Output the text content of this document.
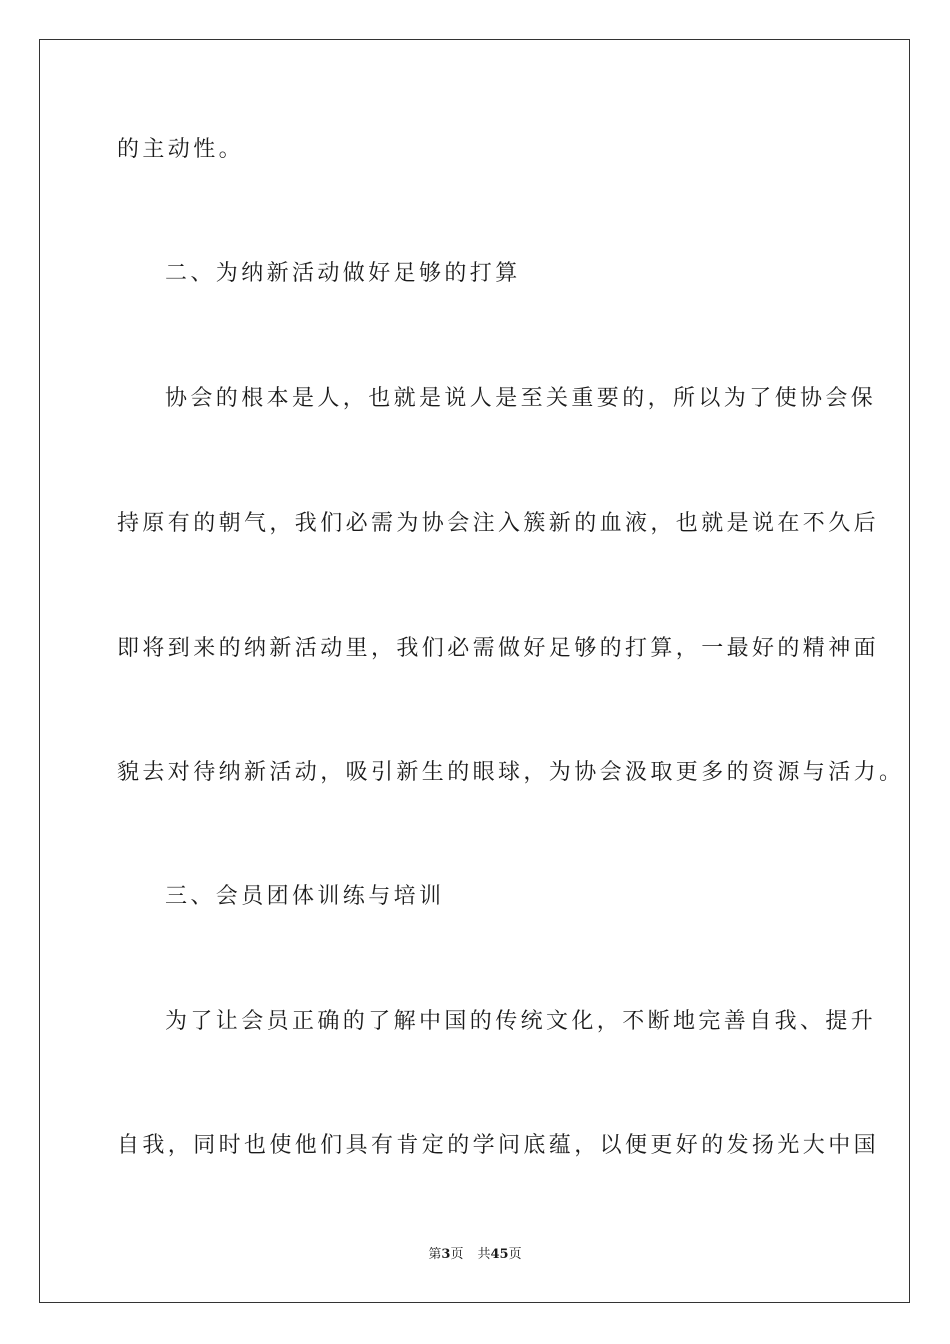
的主动性。
二、为纳新活动做好足够的打算
协会的根本是人，也就是说人是至关重要的，所以为了使协会保
持原有的朝气，我们必需为协会注入簇新的血液，也就是说在不久后
即将到来的纳新活动里，我们必需做好足够的打算，一最好的精神面
貌去对待纳新活动，吸引新生的眼球，为协会汲取更多的资源与活力。
三、会员团体训练与培训
为了让会员正确的了解中国的传统文化，不断地完善自我、提升
自我，同时也使他们具有肯定的学问底蕴，以便更好的发扬光大中国
第3页 共45页
